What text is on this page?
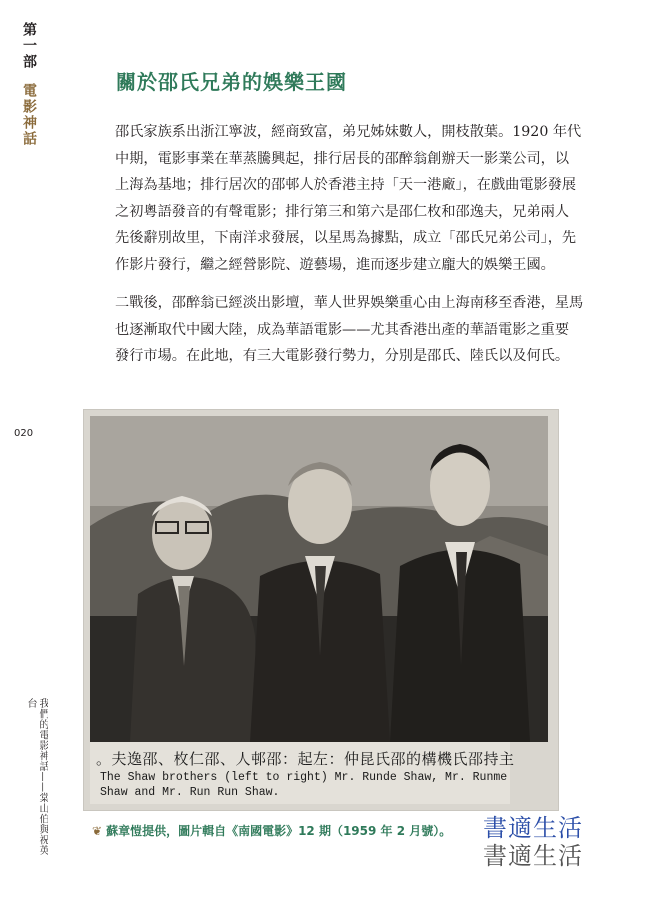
第一部 電影神話
020
我們的電影神話——棠山伯與祝英台
關於邵氏兄弟的娛樂王國

邵氏家族系出浙江寧波，經商致富，弟兄姊妹數人，開枝散葉。1920 年代
中期，電影事業在華蒸騰興起，排行居長的邵醉翁創辦天一影業公司，以
上海為基地；排行居次的邵邨人於香港主持「天一港廠」，在戲曲電影發展
之初粵語發音的有聲電影；排行第三和第六是邵仁枚和邵逸夫，兄弟兩人
先後辭別故里，下南洋求發展，以星馬為據點，成立「邵氏兄弟公司」，先
作影片發行，繼之經營影院、遊藝場，進而逐步建立龐大的娛樂王國。

二戰後，邵醉翁已經淡出影壇，華人世界娛樂重心由上海南移至香港，星馬
也逐漸取代中國大陸，成為華語電影——尤其香港出產的華語電影之重要
發行市場。在此地，有三大電影發行勢力，分別是邵氏、陸氏以及何氏。

。夫逸邵、枚仁邵、人邨邵：起左：仲昆氏邵的構機氏邵持主
The Shaw brothers (left to right) Mr. Runde Shaw, Mr. Runme
Shaw and Mr. Run Run Shaw.
❦ 蘇章愷提供，圖片輯自《南國電影》12 期（1959 年 2 月號）。 書適生活
書適生活
